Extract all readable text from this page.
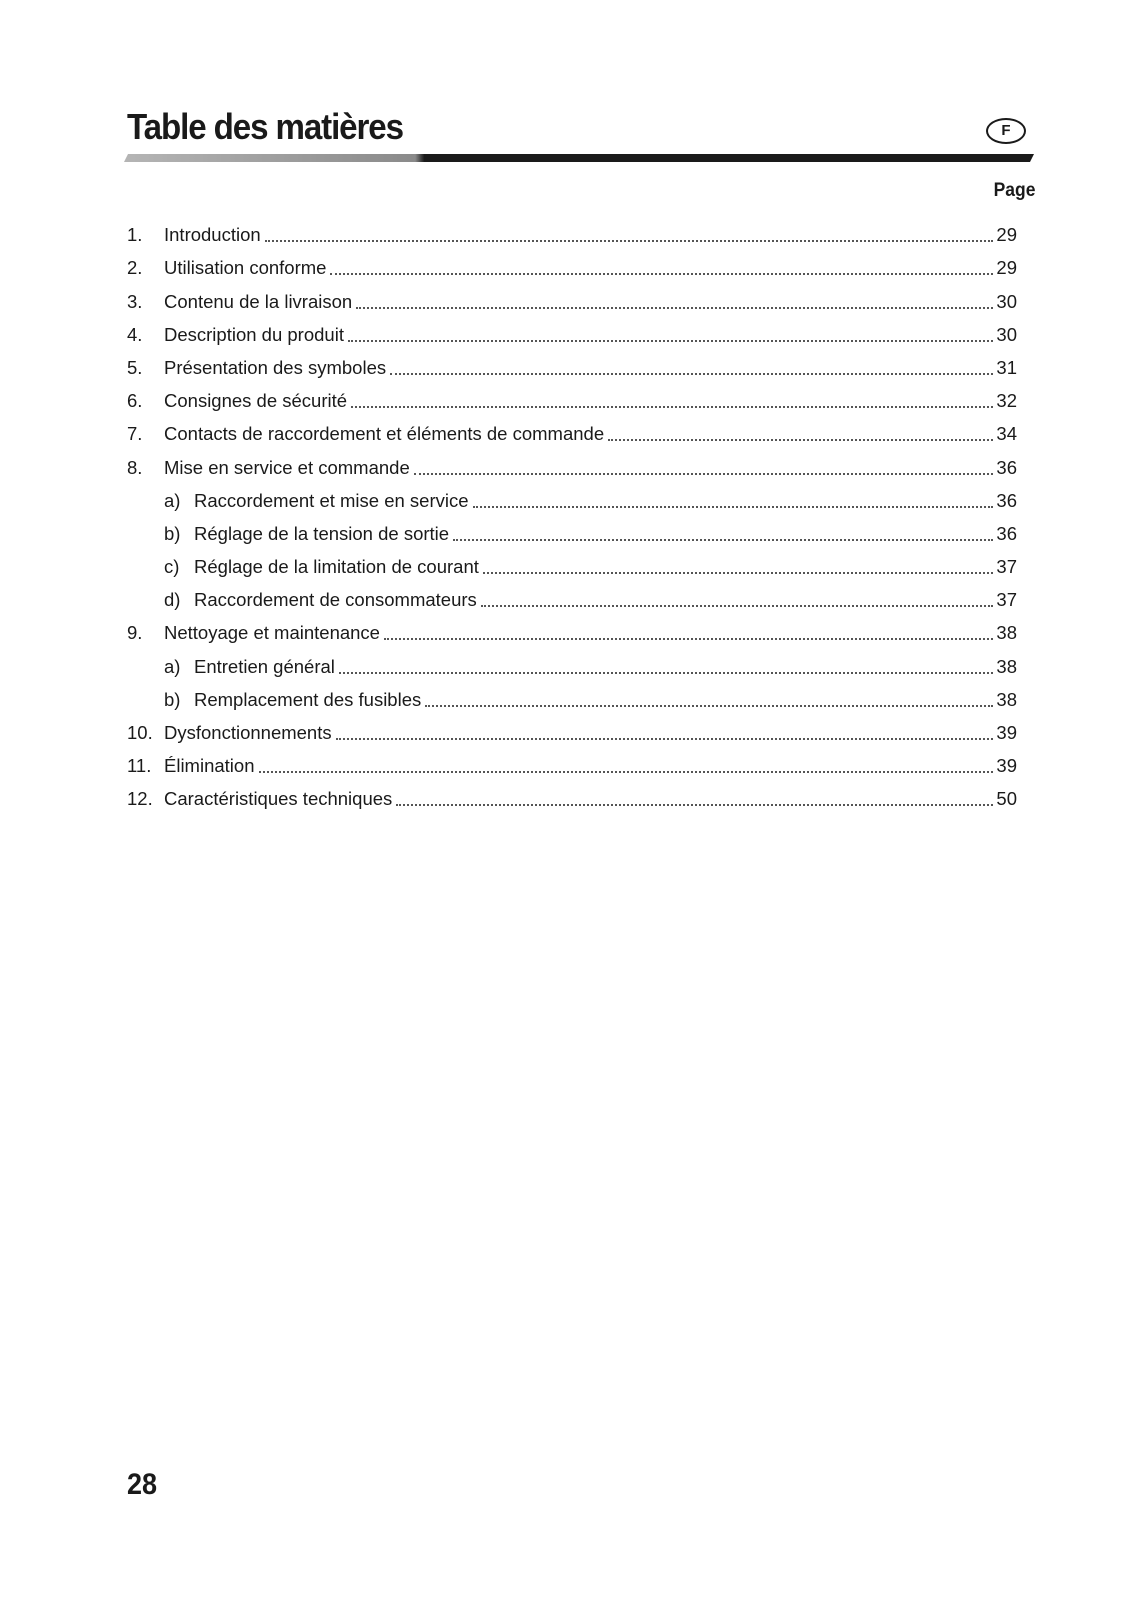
Table des matières	F
Page
1.	Introduction	29
2.	Utilisation conforme	29
3.	Contenu de la livraison	30
4.	Description du produit	30
5.	Présentation des symboles	31
6.	Consignes de sécurité	32
7.	Contacts de raccordement et éléments de commande	34
8.	Mise en service et commande	36
a) Raccordement et mise en service	36
b) Réglage de la tension de sortie	36
c) Réglage de la limitation de courant	37
d) Raccordement de consommateurs	37
9.	Nettoyage et maintenance	38
a) Entretien général	38
b) Remplacement des fusibles	38
10. Dysfonctionnements	39
11. Élimination	39
12. Caractéristiques techniques	50
28
